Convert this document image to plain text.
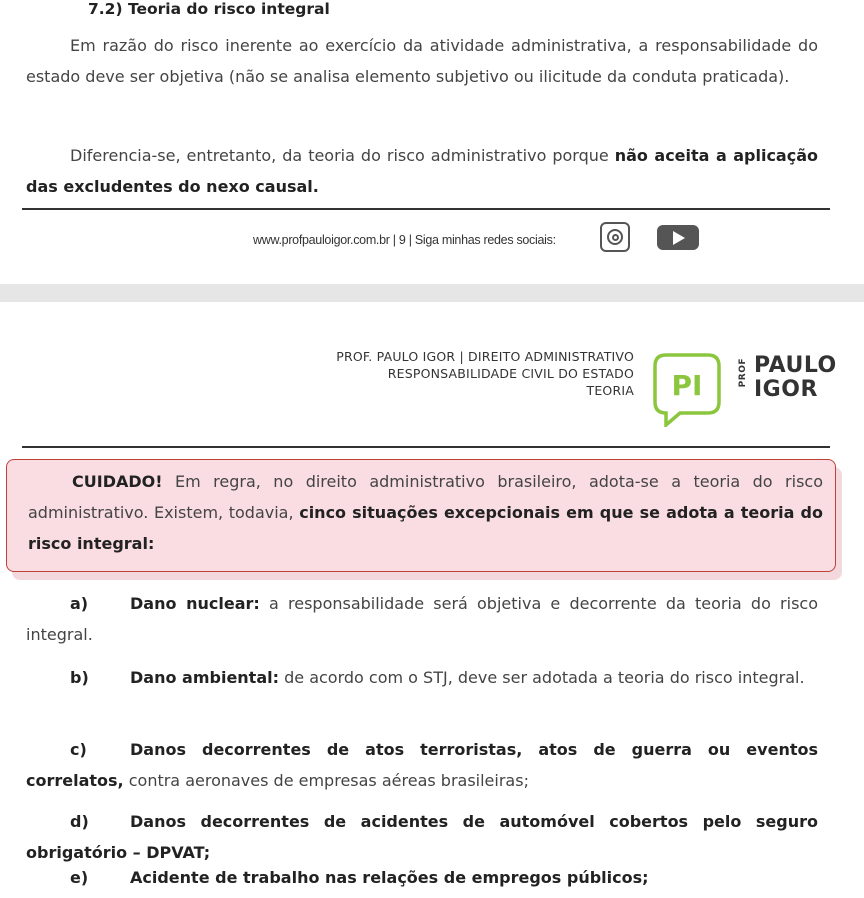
7.2) Teoria do risco integral
Em razão do risco inerente ao exercício da atividade administrativa, a responsabilidade do estado deve ser objetiva (não se analisa elemento subjetivo ou ilicitude da conduta praticada).
Diferencia-se, entretanto, da teoria do risco administrativo porque não aceita a aplicação das excludentes do nexo causal.
www.profpauloigor.com.br | 9 | Siga minhas redes sociais:
PROF. PAULO IGOR | DIREITO ADMINISTRATIVO
RESPONSABILIDADE CIVIL DO ESTADO
TEORIA PI	PROF PAULO
IGOR
CUIDADO! Em regra, no direito administrativo brasileiro, adota-se a teoria do risco administrativo. Existem, todavia, cinco situações excepcionais em que se adota a teoria do risco integral:
a)	Dano nuclear: a responsabilidade será objetiva e decorrente da teoria do risco integral.
b)	Dano ambiental: de acordo com o STJ, deve ser adotada a teoria do risco integral.
c)	Danos decorrentes de atos terroristas, atos de guerra ou eventos correlatos, contra aeronaves de empresas aéreas brasileiras;
d)	Danos decorrentes de acidentes de automóvel cobertos pelo seguro obrigatório – DPVAT;
e)	Acidente de trabalho nas relações de empregos públicos;
